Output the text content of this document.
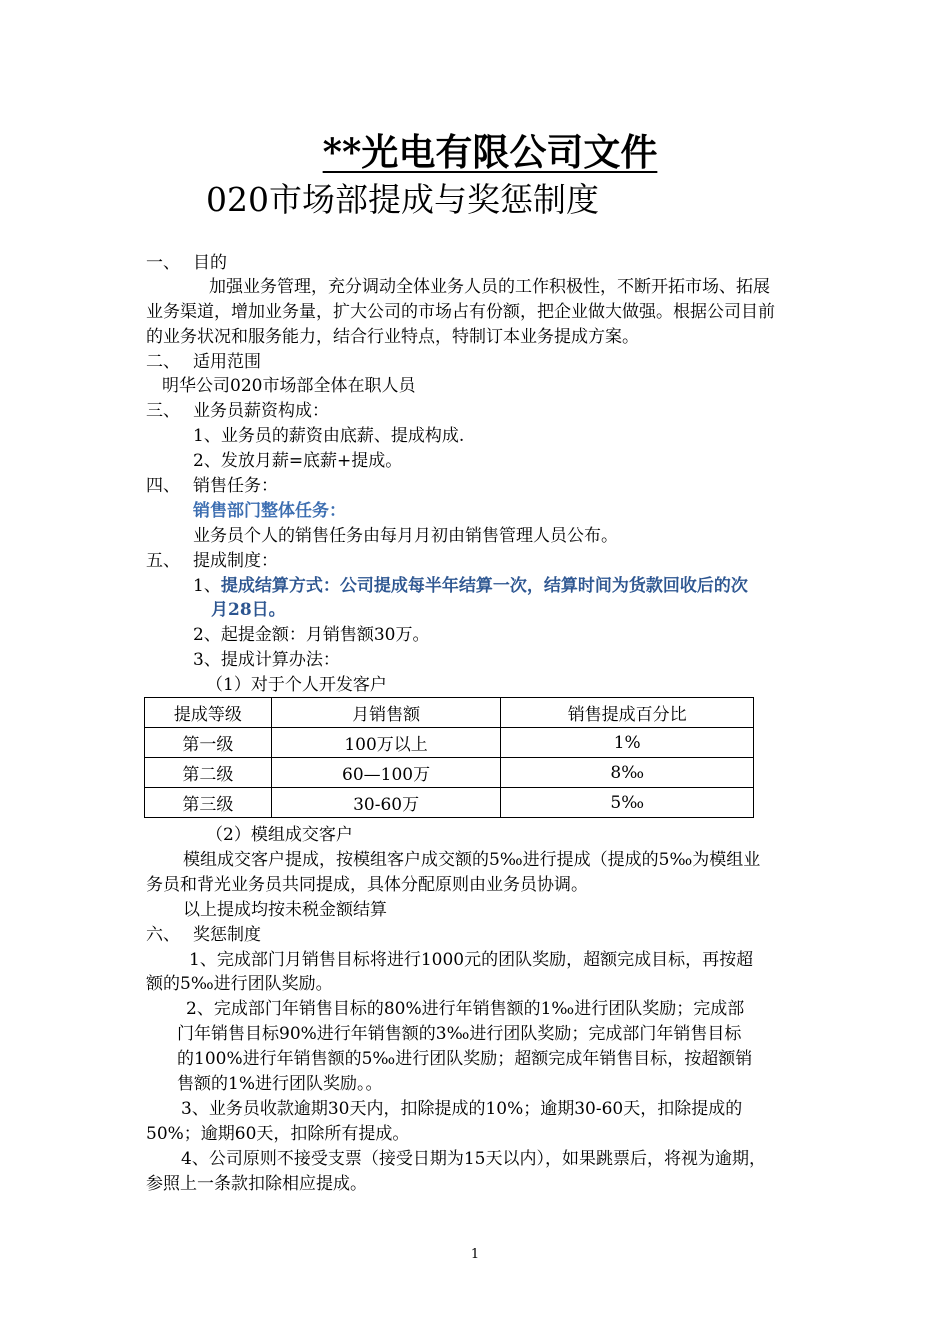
**光电有限公司文件
020市场部提成与奖惩制度
一、 目的
加强业务管理，充分调动全体业务人员的工作积极性，不断开拓市场、拓展
业务渠道，增加业务量，扩大公司的市场占有份额，把企业做大做强。根据公司目前
的业务状况和服务能力，结合行业特点，特制订本业务提成方案。
二、 适用范围
明华公司020市场部全体在职人员
三、 业务员薪资构成：
1、业务员的薪资由底薪、提成构成.
2、发放月薪=底薪+提成。
四、 销售任务：
销售部门整体任务：
业务员个人的销售任务由每月月初由销售管理人员公布。
五、 提成制度：
1、提成结算方式：公司提成每半年结算一次，结算时间为货款回收后的次
月28日。
2、起提金额：月销售额30万。
3、提成计算办法：
（1）对于个人开发客户
提成等级	月销售额	销售提成百分比
第一级	100万以上	1%
第二级	60—100万	8‰
第三级	30-60万	5‰
（2）模组成交客户
模组成交客户提成，按模组客户成交额的5‰进行提成（提成的5‰为模组业
务员和背光业务员共同提成，具体分配原则由业务员协调。
以上提成均按未税金额结算
六、 奖惩制度
1、完成部门月销售目标将进行1000元的团队奖励，超额完成目标，再按超
额的5‰进行团队奖励。
2、完成部门年销售目标的80%进行年销售额的1‰进行团队奖励；完成部
门年销售目标90%进行年销售额的3‰进行团队奖励；完成部门年销售目标
的100%进行年销售额的5‰进行团队奖励；超额完成年销售目标，按超额销
售额的1%进行团队奖励。。
3、业务员收款逾期30天内，扣除提成的10%；逾期30-60天，扣除提成的
50%；逾期60天，扣除所有提成。
4、公司原则不接受支票（接受日期为15天以内），如果跳票后，将视为逾期，
参照上一条款扣除相应提成。
1
